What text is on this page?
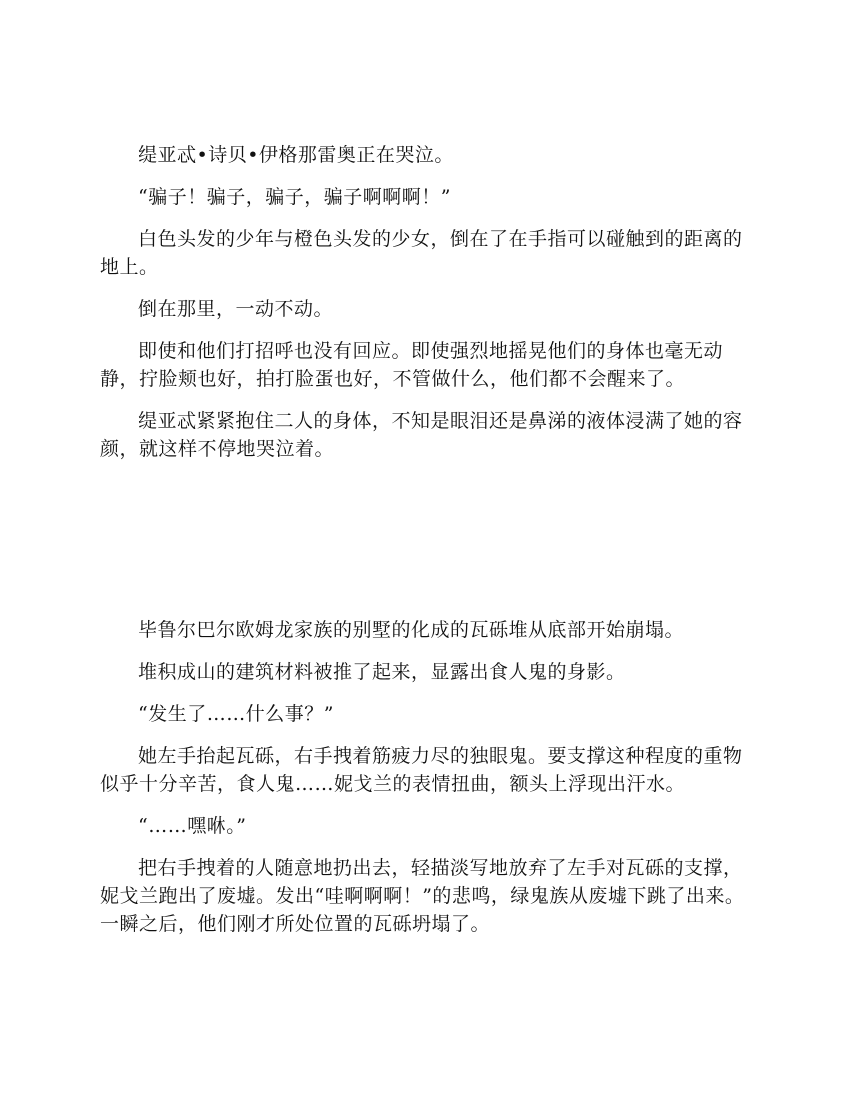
缇亚忒•诗贝•伊格那雷奥正在哭泣。

“骗子！骗子，骗子，骗子啊啊啊！”

白色头发的少年与橙色头发的少女，倒在了在手指可以碰触到的距离的地上。

倒在那里，一动不动。

即使和他们打招呼也没有回应。即使强烈地摇晃他们的身体也毫无动静，拧脸颊也好，拍打脸蛋也好，不管做什么，他们都不会醒来了。

缇亚忒紧紧抱住二人的身体，不知是眼泪还是鼻涕的液体浸满了她的容颜，就这样不停地哭泣着。

毕鲁尔巴尔欧姆龙家族的别墅的化成的瓦砾堆从底部开始崩塌。

堆积成山的建筑材料被推了起来，显露出食人鬼的身影。

“发生了……什么事？”

她左手抬起瓦砾，右手拽着筋疲力尽的独眼鬼。要支撑这种程度的重物似乎十分辛苦，食人鬼……妮戈兰的表情扭曲，额头上浮现出汗水。

“……嘿咻。”

把右手拽着的人随意地扔出去，轻描淡写地放弃了左手对瓦砾的支撑，妮戈兰跑出了废墟。发出“哇啊啊啊！”的悲鸣，绿鬼族从废墟下跳了出来。一瞬之后，他们刚才所处位置的瓦砾坍塌了。
